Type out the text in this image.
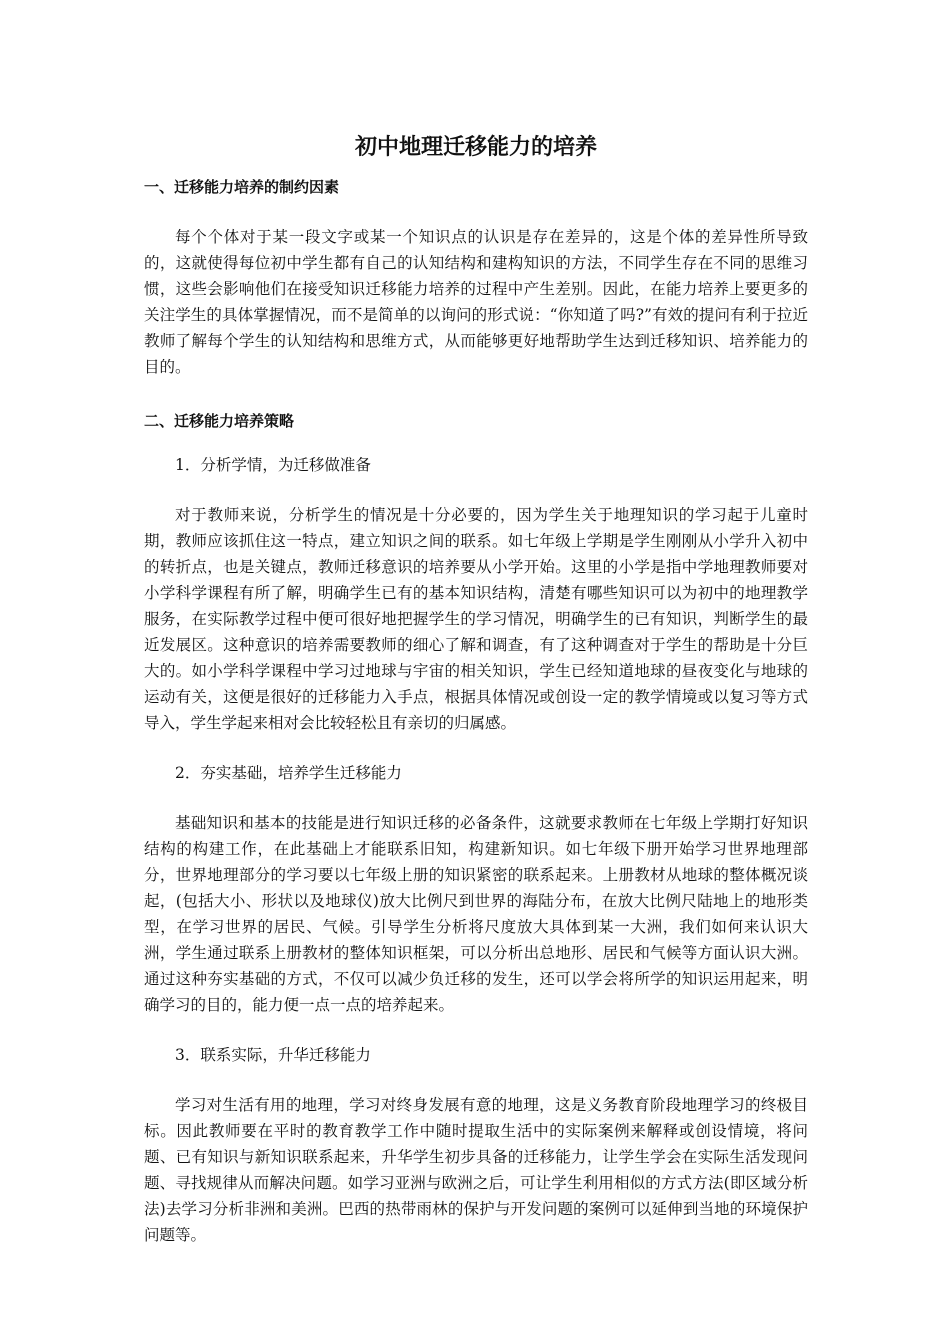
初中地理迁移能力的培养
一、迁移能力培养的制约因素

每个个体对于某一段文字或某一个知识点的认识是存在差异的，这是个体的差异性所导致的，这就使得每位初中学生都有自己的认知结构和建构知识的方法，不同学生存在不同的思维习惯，这些会影响他们在接受知识迁移能力培养的过程中产生差别。因此，在能力培养上要更多的关注学生的具体掌握情况，而不是简单的以询问的形式说：“你知道了吗?”有效的提问有利于拉近教师了解每个学生的认知结构和思维方式，从而能够更好地帮助学生达到迁移知识、培养能力的目的。

二、迁移能力培养策略

1．分析学情，为迁移做准备

对于教师来说，分析学生的情况是十分必要的，因为学生关于地理知识的学习起于儿童时期，教师应该抓住这一特点，建立知识之间的联系。如七年级上学期是学生刚刚从小学升入初中的转折点，也是关键点，教师迁移意识的培养要从小学开始。这里的小学是指中学地理教师要对小学科学课程有所了解，明确学生已有的基本知识结构，清楚有哪些知识可以为初中的地理教学服务，在实际教学过程中便可很好地把握学生的学习情况，明确学生的已有知识，判断学生的最近发展区。这种意识的培养需要教师的细心了解和调查，有了这种调查对于学生的帮助是十分巨大的。如小学科学课程中学习过地球与宇宙的相关知识，学生已经知道地球的昼夜变化与地球的运动有关，这便是很好的迁移能力入手点，根据具体情况或创设一定的教学情境或以复习等方式导入，学生学起来相对会比较轻松且有亲切的归属感。

2．夯实基础，培养学生迁移能力

基础知识和基本的技能是进行知识迁移的必备条件，这就要求教师在七年级上学期打好知识结构的构建工作，在此基础上才能联系旧知，构建新知识。如七年级下册开始学习世界地理部分，世界地理部分的学习要以七年级上册的知识紧密的联系起来。上册教材从地球的整体概况谈起，(包括大小、形状以及地球仪)放大比例尺到世界的海陆分布，在放大比例尺陆地上的地形类型，在学习世界的居民、气候。引导学生分析将尺度放大具体到某一大洲，我们如何来认识大洲，学生通过联系上册教材的整体知识框架，可以分析出总地形、居民和气候等方面认识大洲。通过这种夯实基础的方式，不仅可以减少负迁移的发生，还可以学会将所学的知识运用起来，明确学习的目的，能力便一点一点的培养起来。

3．联系实际，升华迁移能力

学习对生活有用的地理，学习对终身发展有意的地理，这是义务教育阶段地理学习的终极目标。因此教师要在平时的教育教学工作中随时提取生活中的实际案例来解释或创设情境，将问题、已有知识与新知识联系起来，升华学生初步具备的迁移能力，让学生学会在实际生活发现问题、寻找规律从而解决问题。如学习亚洲与欧洲之后，可让学生利用相似的方式方法(即区域分析法)去学习分析非洲和美洲。巴西的热带雨林的保护与开发问题的案例可以延伸到当地的环境保护问题等。
